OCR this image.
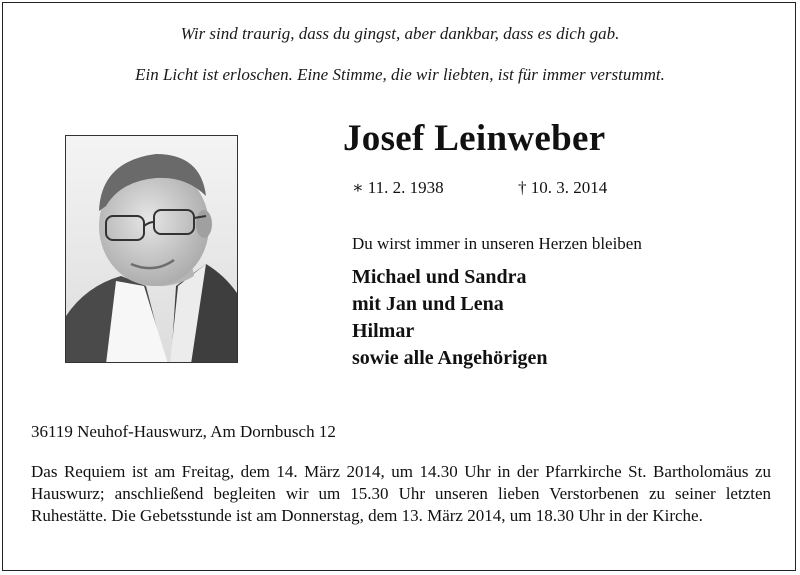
Wir sind traurig, dass du gingst, aber dankbar, dass es dich gab.
Ein Licht ist erloschen. Eine Stimme, die wir liebten, ist für immer verstummt.
Josef Leinweber
∗ 11. 2. 1938	† 10. 3. 2014
Du wirst immer in unseren Herzen bleiben
Michael und Sandra
mit Jan und Lena
Hilmar
sowie alle Angehörigen
36119 Neuhof-Hauswurz, Am Dornbusch 12
Das Requiem ist am Freitag, dem 14. März 2014, um 14.30 Uhr in der Pfarrkirche St. Bartholomäus zu Hauswurz; anschließend begleiten wir um 15.30 Uhr unseren lieben Verstorbenen zu seiner letzten Ruhestätte. Die Gebetsstunde ist am Donnerstag, dem 13. März 2014, um 18.30 Uhr in der Kirche.
